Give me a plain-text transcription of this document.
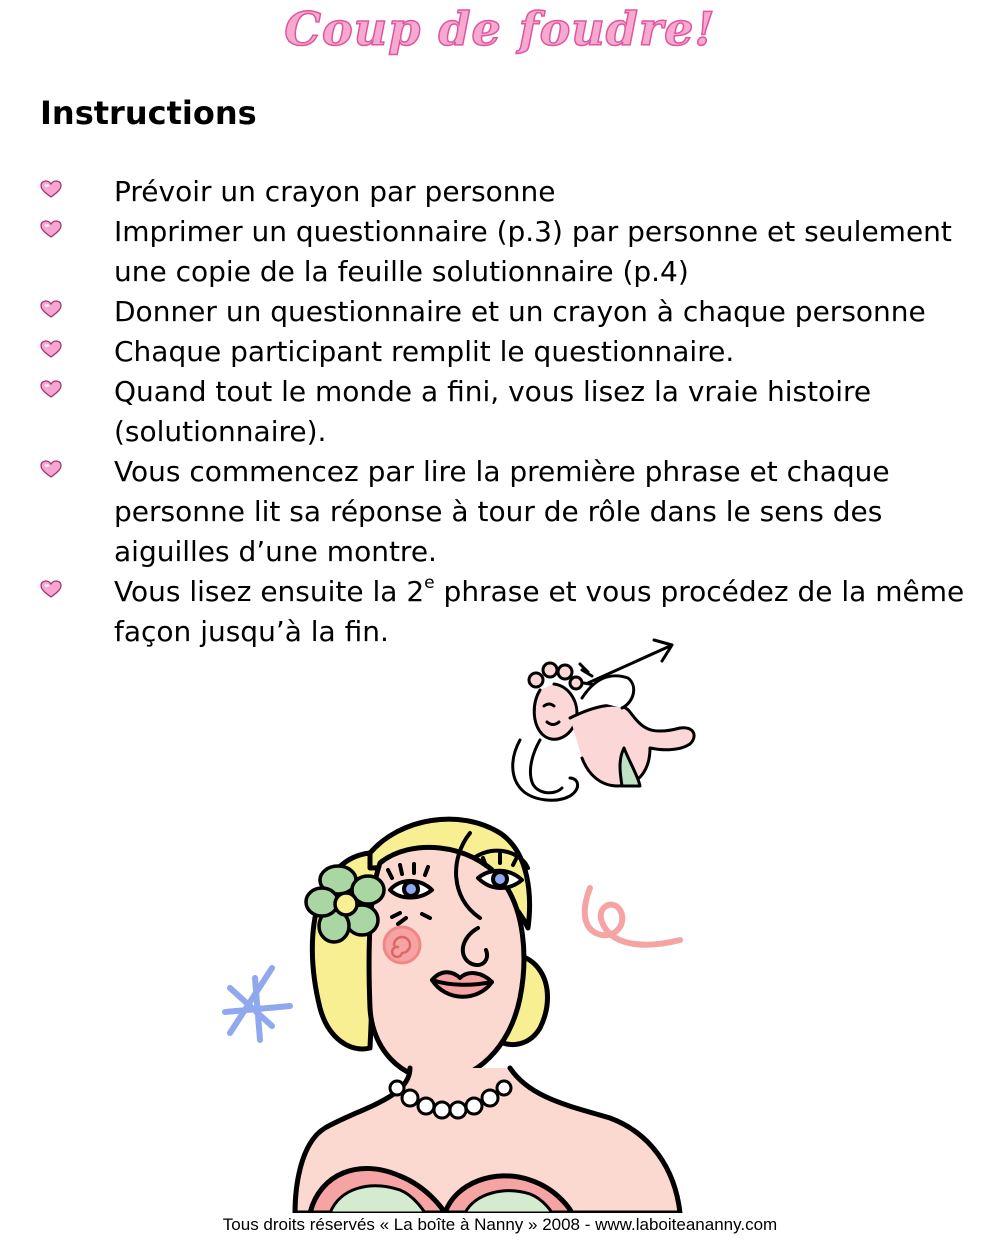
Coup de foudre!
Instructions
Prévoir un crayon par personne
Imprimer un questionnaire (p.3) par personne et seulement une copie de la feuille solutionnaire (p.4)
Donner un questionnaire et un crayon à chaque personne
Chaque participant remplit le questionnaire.
Quand tout le monde a fini, vous lisez la vraie histoire (solutionnaire).
Vous commencez par lire la première phrase et chaque personne lit sa réponse à tour de rôle dans le sens des aiguilles d’une montre.
Vous lisez ensuite la 2e phrase et vous procédez de la même façon jusqu’à la fin.
Tous droits réservés « La boîte à Nanny » 2008 - www.laboiteananny.com
